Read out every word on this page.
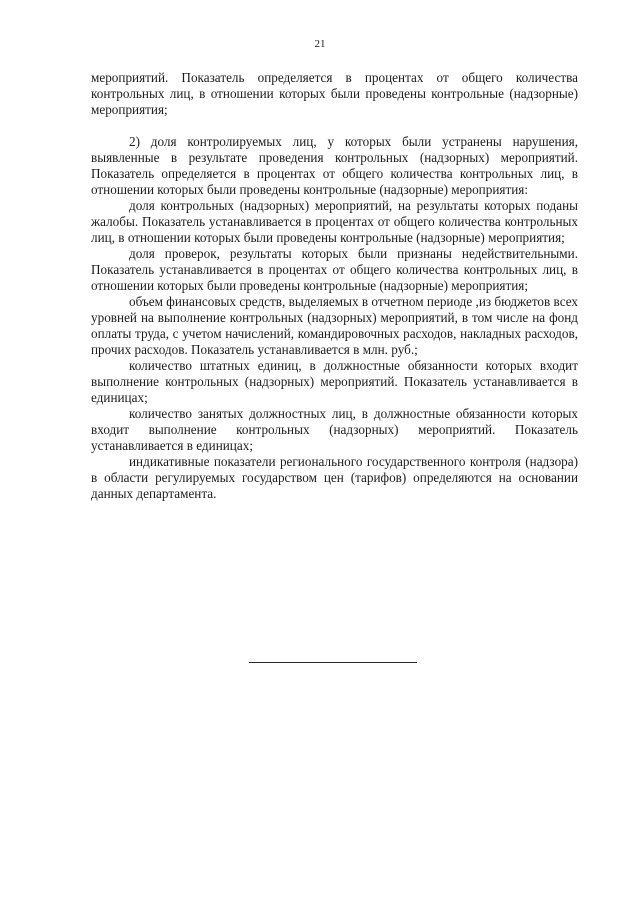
21

мероприятий. Показатель определяется в процентах от общего количества контрольных лиц, в отношении которых были проведены контрольные (надзорные) мероприятия;

2) доля контролируемых лиц, у которых были устранены нарушения, выявленные в результате проведения контрольных (надзорных) мероприятий. Показатель определяется в процентах от общего количества контрольных лиц, в отношении которых были проведены контрольные (надзорные) мероприятия:

доля контрольных (надзорных) мероприятий, на результаты которых поданы жалобы. Показатель устанавливается в процентах от общего количества контрольных лиц, в отношении которых были проведены контрольные (надзорные) мероприятия;

доля проверок, результаты которых были признаны недействительными. Показатель устанавливается в процентах от общего количества контрольных лиц, в отношении которых были проведены контрольные (надзорные) мероприятия;

объем финансовых средств, выделяемых в отчетном периоде ,из бюджетов всех уровней на выполнение контрольных (надзорных) мероприятий, в том числе на фонд оплаты труда, с учетом начислений, командировочных расходов, накладных расходов, прочих расходов. Показатель устанавливается в млн. руб.;

количество штатных единиц, в должностные обязанности которых входит выполнение контрольных (надзорных) мероприятий. Показатель устанавливается в единицах;

количество занятых должностных лиц, в должностные обязанности которых входит выполнение контрольных (надзорных) мероприятий. Показатель устанавливается в единицах;

индикативные показатели регионального государственного контроля (надзора) в области регулируемых государством цен (тарифов) определяются на основании данных департамента.
